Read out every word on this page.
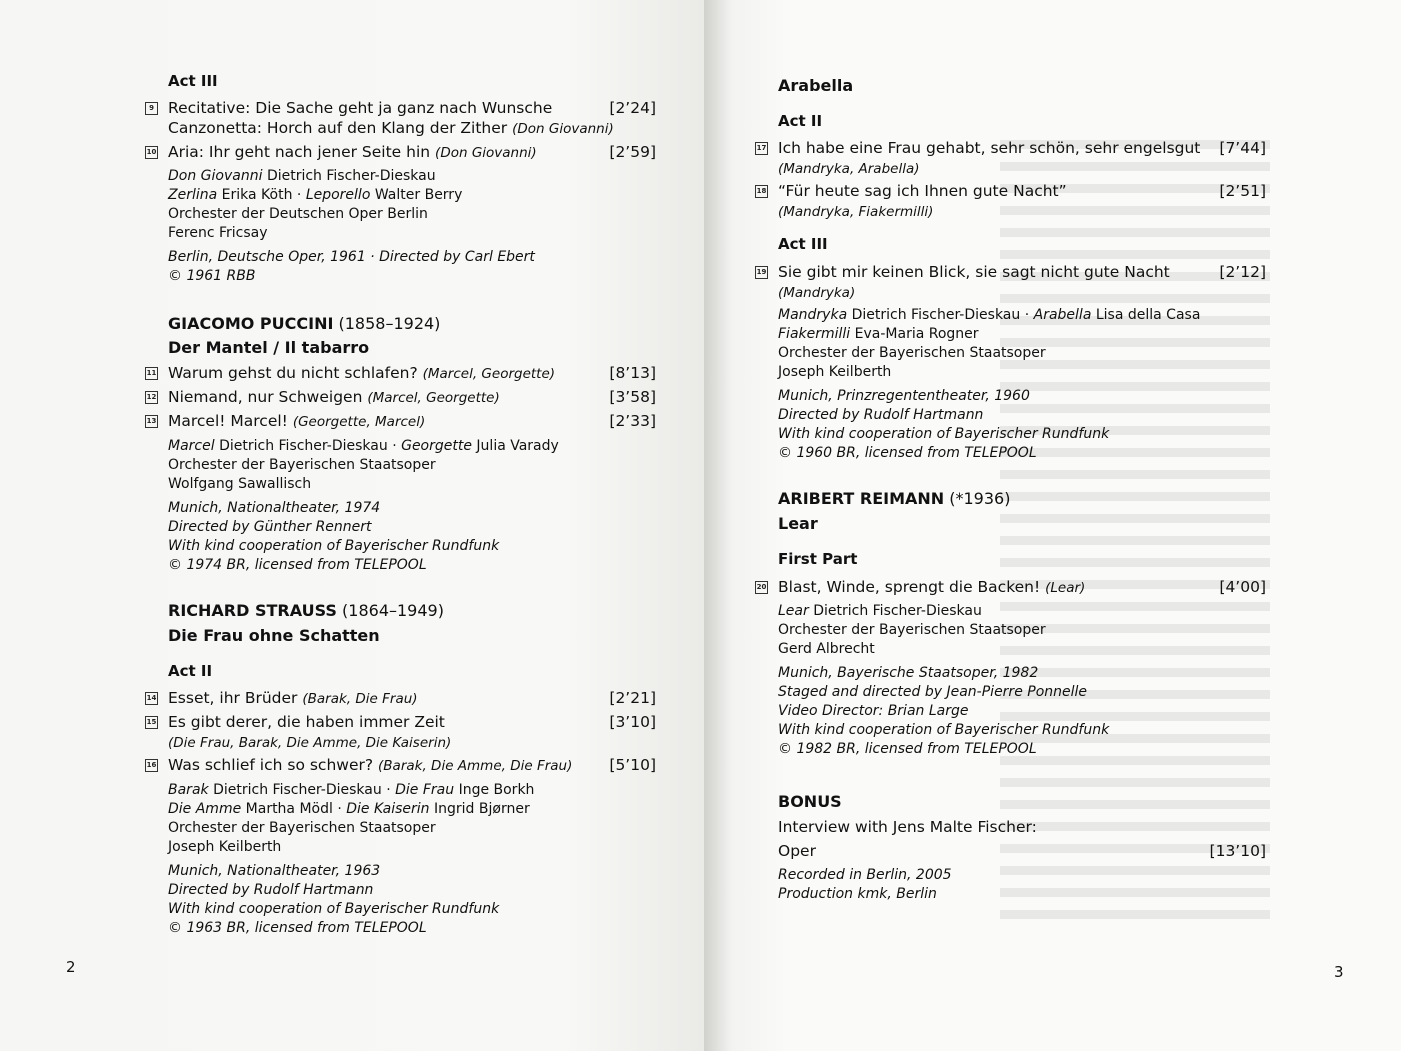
Act III
9 Recitative: Die Sache geht ja ganz nach Wunsche	[2’24]
Canzonetta: Horch auf den Klang der Zither (Don Giovanni)
10 Aria: Ihr geht nach jener Seite hin (Don Giovanni)	[2’59]
Don Giovanni Dietrich Fischer-Dieskau
Zerlina Erika Köth · Leporello Walter Berry
Orchester der Deutschen Oper Berlin
Ferenc Fricsay
Berlin, Deutsche Oper, 1961 · Directed by Carl Ebert
© 1961 RBB
GIACOMO PUCCINI (1858–1924)
Der Mantel / Il tabarro
11 Warum gehst du nicht schlafen? (Marcel, Georgette)	[8’13]
12 Niemand, nur Schweigen (Marcel, Georgette)	[3’58]
13 Marcel! Marcel! (Georgette, Marcel)	[2’33]
Marcel Dietrich Fischer-Dieskau · Georgette Julia Varady
Orchester der Bayerischen Staatsoper
Wolfgang Sawallisch
Munich, Nationaltheater, 1974
Directed by Günther Rennert
With kind cooperation of Bayerischer Rundfunk
© 1974 BR, licensed from TELEPOOL
RICHARD STRAUSS (1864–1949)
Die Frau ohne Schatten
Act II
14 Esset, ihr Brüder (Barak, Die Frau)	[2’21]
15 Es gibt derer, die haben immer Zeit	[3’10]
(Die Frau, Barak, Die Amme, Die Kaiserin)
16 Was schlief ich so schwer? (Barak, Die Amme, Die Frau)	[5’10]
Barak Dietrich Fischer-Dieskau · Die Frau Inge Borkh
Die Amme Martha Mödl · Die Kaiserin Ingrid Bjørner
Orchester der Bayerischen Staatsoper
Joseph Keilberth
Munich, Nationaltheater, 1963
Directed by Rudolf Hartmann
With kind cooperation of Bayerischer Rundfunk
© 1963 BR, licensed from TELEPOOL
2
Arabella
Act II
17 Ich habe eine Frau gehabt, sehr schön, sehr engelsgut	[7’44]
(Mandryka, Arabella)
18 “Für heute sag ich Ihnen gute Nacht”	[2’51]
(Mandryka, Fiakermilli)
Act III
19 Sie gibt mir keinen Blick, sie sagt nicht gute Nacht	[2’12]
(Mandryka)
Mandryka Dietrich Fischer-Dieskau · Arabella Lisa della Casa
Fiakermilli Eva-Maria Rogner
Orchester der Bayerischen Staatsoper
Joseph Keilberth
Munich, Prinzregententheater, 1960
Directed by Rudolf Hartmann
With kind cooperation of Bayerischer Rundfunk
© 1960 BR, licensed from TELEPOOL
ARIBERT REIMANN (*1936)
Lear
First Part
20 Blast, Winde, sprengt die Backen! (Lear)	[4’00]
Lear Dietrich Fischer-Dieskau
Orchester der Bayerischen Staatsoper
Gerd Albrecht
Munich, Bayerische Staatsoper, 1982
Staged and directed by Jean-Pierre Ponnelle
Video Director: Brian Large
With kind cooperation of Bayerischer Rundfunk
© 1982 BR, licensed from TELEPOOL
BONUS
Interview with Jens Malte Fischer:
Oper	[13’10]
Recorded in Berlin, 2005
Production kmk, Berlin
3
